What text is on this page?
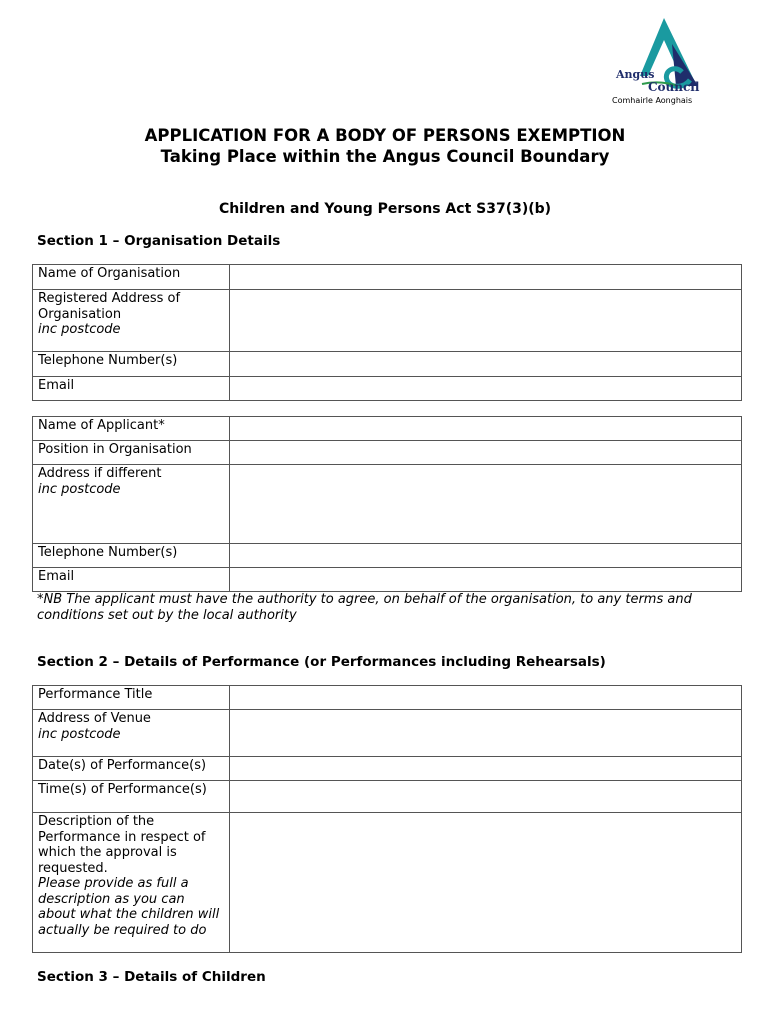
Angus
Council
Comhairle Aonghais
APPLICATION FOR A BODY OF PERSONS EXEMPTION
Taking Place within the Angus Council Boundary
Children and Young Persons Act S37(3)(b)
Section 1 – Organisation Details
Name of Organisation	
Registered Address of Organisation
inc postcode	
Telephone Number(s)	
Email	
Name of Applicant*	
Position in Organisation	
Address if different
inc postcode	
Telephone Number(s)	
Email	
*NB The applicant must have the authority to agree, on behalf of the organisation, to any terms and conditions set out by the local authority
Section 2 – Details of Performance (or Performances including Rehearsals)
Performance Title	
Address of Venue
inc postcode	
Date(s) of Performance(s)	
Time(s) of Performance(s)	
Description of the Performance in respect of which the approval is requested.
Please provide as full a description as you can about what the children will actually be required to do	
Section 3 – Details of Children
